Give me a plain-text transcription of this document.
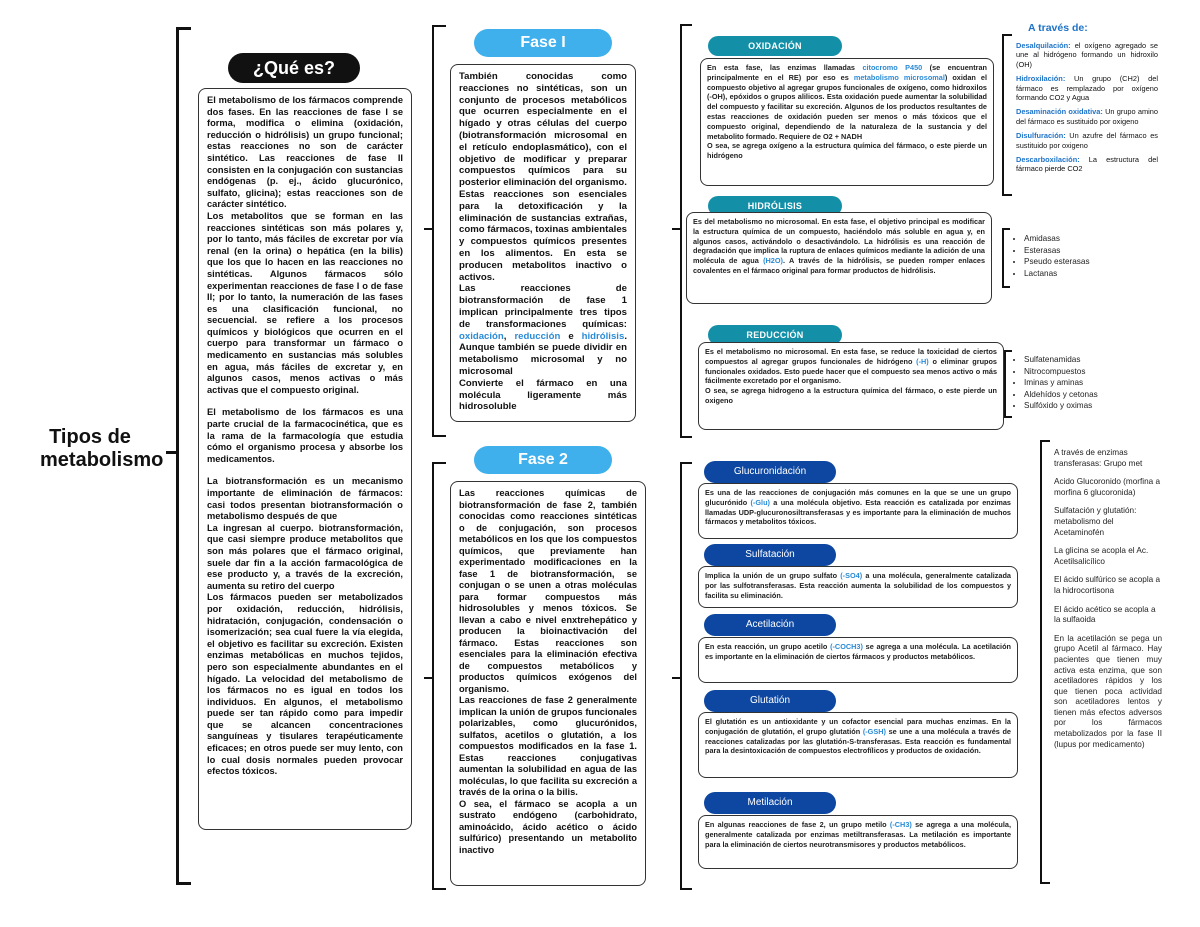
Tipos de metabolismo
¿Qué es?

El metabolismo de los fármacos comprende dos fases. En las reacciones de fase I se forma, modifica o elimina (oxidación, reducción o hidrólisis) un grupo funcional; estas reacciones no son de carácter sintético. Las reacciones de fase II consisten en la conjugación con sustancias endógenas (p. ej., ácido glucurónico, sulfato, glicina); estas reacciones son de carácter sintético.

Los metabolitos que se forman en las reacciones sintéticas son más polares y, por lo tanto, más fáciles de excretar por vía renal (en la orina) o hepática (en la bilis) que los que lo hacen en las reacciones no sintéticas. Algunos fármacos sólo experimentan reacciones de fase I o de fase II; por lo tanto, la numeración de las fases es una clasificación funcional, no secuencial. se refiere a los procesos químicos y biológicos que ocurren en el cuerpo para transformar un fármaco o medicamento en sustancias más solubles en agua, más fáciles de excretar y, en algunos casos, menos activas o más activas que el compuesto original.

El metabolismo de los fármacos es una parte crucial de la farmacocinética, que es la rama de la farmacología que estudia cómo el organismo procesa y absorbe los medicamentos.

La biotransformación es un mecanismo importante de eliminación de fármacos: casi todos presentan biotransformación o metabolismo después de que

La ingresan al cuerpo. biotransformación, que casi siempre produce metabolitos que son más polares que el fármaco original, suele dar fin a la acción farmacológica de ese producto y, a través de la excreción, aumenta su retiro del cuerpo

Los fármacos pueden ser metabolizados por oxidación, reducción, hidrólisis, hidratación, conjugación, condensación o isomerización; sea cual fuere la vía elegida, el objetivo es facilitar su excreción. Existen enzimas metabólicas en muchos tejidos, pero son especialmente abundantes en el hígado. La velocidad del metabolismo de los fármacos no es igual en todos los individuos. En algunos, el metabolismo puede ser tan rápido como para impedir que se alcancen concentraciones sanguíneas y tisulares terapéuticamente eficaces; en otros puede ser muy lento, con lo cual dosis normales pueden provocar efectos tóxicos.

Fase I

También conocidas como reacciones no sintéticas, son un conjunto de procesos metabólicos que ocurren especialmente en el hígado y otras células del cuerpo (biotransformación microsomal en el retículo endoplasmático), con el objetivo de modificar y preparar compuestos químicos para su posterior eliminación del organismo.

Estas reacciones son esenciales para la detoxificación y la eliminación de sustancias extrañas, como fármacos, toxinas ambientales y compuestos químicos presentes en los alimentos. En esta se producen metabolitos inactivo o activos.

Las reacciones de biotransformación de fase 1 implican principalmente tres tipos de transformaciones químicas: oxidación, reducción e hidrólisis. Aunque también se puede dividir en metabolismo microsomal y no microsomal

Convierte el fármaco en una molécula ligeramente más hidrosoluble

Fase 2

Las reacciones químicas de biotransformación de fase 2, también conocidas como reacciones sintéticas o de conjugación, son procesos metabólicos en los que los compuestos químicos, que previamente han experimentado modificaciones en la fase 1 de biotransformación, se conjugan o se unen a otras moléculas para formar compuestos más hidrosolubles y menos tóxicos. Se llevan a cabo e nivel enxtrehepático y producen la bioinactivación del fármaco. Estas reacciones son esenciales para la eliminación efectiva de compuestos metabólicos y productos químicos exógenos del organismo.

Las reacciones de fase 2 generalmente implican la unión de grupos funcionales polarizables, como glucurónidos, sulfatos, acetilos o glutatión, a los compuestos modificados en la fase 1. Estas reacciones conjugativas aumentan la solubilidad en agua de las moléculas, lo que facilita su excreción a través de la orina o la bilis.

O sea, el fármaco se acopla a un sustrato endógeno (carbohidrato, aminoácido, ácido acético o ácido sulfúrico) presentando un metabolito inactivo

OXIDACIÓN

En esta fase, las enzimas llamadas citocromo P450 (se encuentran principalmente en el RE) por eso es metabolismo microsomal) oxidan el compuesto objetivo al agregar grupos funcionales de oxígeno, como hidroxilos (-OH), epóxidos o grupos alilicos. Esta oxidación puede aumentar la solubilidad del compuesto y facilitar su excreción. Algunos de los productos resultantes de estas reacciones de oxidación pueden ser menos o más tóxicos que el compuesto original, dependiendo de la naturaleza de la sustancia y del metabolito formado. Requiere de O2 + NADH

O sea, se agrega oxígeno a la estructura química del fármaco, o este pierde un hidrógeno

A través de:

Desalquilación: el oxígeno agregado se une al hidrógeno formando un hidroxilo (OH)

Hidroxilación: Un grupo (CH2) del fármaco es remplazado por oxígeno formando CO2 y Agua

Desaminación oxidativa: Un grupo amino del fármaco es sustituido por oxigeno

Disulfuración: Un azufre del fármaco es sustituido por oxigeno

Descarboxilación: La estructura del fármaco pierde CO2

HIDRÓLISIS

Es del metabolismo no microsomal. En esta fase, el objetivo principal es modificar la estructura química de un compuesto, haciéndolo más soluble en agua y, en algunos casos, activándolo o desactivándolo. La hidrólisis es una reacción de degradación que implica la ruptura de enlaces químicos mediante la adición de una molécula de agua (H2O). A través de la hidrólisis, se pueden romper enlaces covalentes en el fármaco original para formar productos de hidrólisis.

• Amidasas
• Esterasas
• Pseudo esterasas
• Lactanas
REDUCCIÓN

Es el metabolismo no microsomal. En esta fase, se reduce la toxicidad de ciertos compuestos al agregar grupos funcionales de hidrógeno (-H) o eliminar grupos funcionales oxidados. Esto puede hacer que el compuesto sea menos activo o más fácilmente excretado por el organismo.

O sea, se agrega hidrogeno a la estructura química del fármaco, o este pierde un oxigeno

• Sulfatenamidas
• Nitrocompuestos
• Iminas y aminas
• Aldehídos y cetonas
• Sulfóxido y oximas
Glucuronidación

Es una de las reacciones de conjugación más comunes en la que se une un grupo glucurónido (-Glu) a una molécula objetivo. Esta reacción es catalizada por enzimas llamadas UDP-glucuronosiltransferasas y es importante para la eliminación de muchos fármacos y metabolitos tóxicos.

Sulfatación

Implica la unión de un grupo sulfato (-SO4) a una molécula, generalmente catalizada por las sulfotransferasas. Esta reacción aumenta la solubilidad de los compuestos y facilita su eliminación.

Acetilación

En esta reacción, un grupo acetilo (-COCH3) se agrega a una molécula. La acetilación es importante en la eliminación de ciertos fármacos y productos metabólicos.

Glutatión

El glutatión es un antioxidante y un cofactor esencial para muchas enzimas. En la conjugación de glutatión, el grupo glutatión (-GSH) se une a una molécula a través de reacciones catalizadas por las glutatión-S-transferasas. Esta reacción es fundamental para la desintoxicación de compuestos electrofílicos y productos de oxidación.

Metilación

En algunas reacciones de fase 2, un grupo metilo (-CH3) se agrega a una molécula, generalmente catalizada por enzimas metiltransferasas. La metilación es importante para la eliminación de ciertos neurotransmisores y productos metabólicos.

A través de enzimas transferasas: Grupo met

Acido Glucoronido (morfina a morfina 6 glucoronida)

Sulfatación y glutatión: metabolismo del Acetaminofén

La glicina se acopla el Ac. Acetilsalicílico

El ácido sulfúrico se acopla a la hidrocortisona

El ácido acético se acopla a la sulfaoida

En la acetilación se pega un grupo Acetil al fármaco. Hay pacientes que tienen muy activa esta enzima, que son acetiladores rápidos y los que tienen poca actividad son acetiladores lentos y tienen más efectos adversos por los fármacos metabolizados por la fase II (lupus por medicamento)
